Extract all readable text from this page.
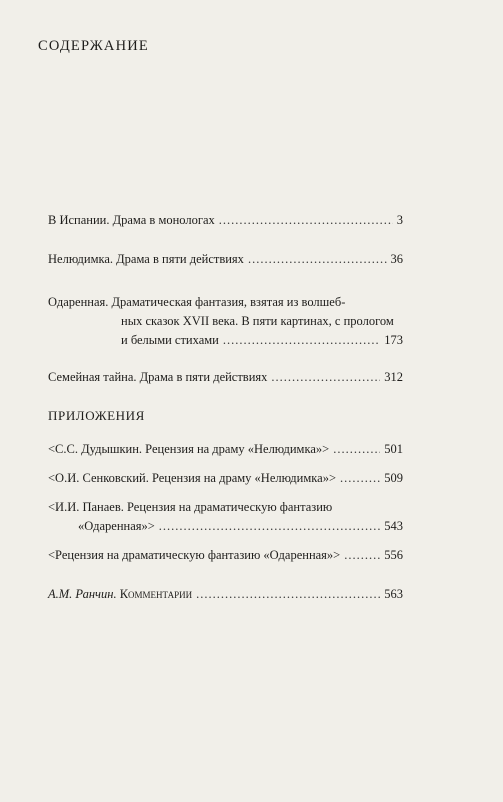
СОДЕРЖАНИЕ
В Испании. Драма в монологах .....	3
Нелюдимка. Драма в пяти действиях .....	36
Одаренная. Драматическая фантазия, взятая из волшеб-
ных сказок XVII века. В пяти картинах, с прологом
и белыми стихами .....	173
Семейная тайна. Драма в пяти действиях .....	312
ПРИЛОЖЕНИЯ
<С.С. Дудышкин. Рецензия на драму «Нелюдимка»> .....	501
<О.И. Сенковский. Рецензия на драму «Нелюдимка»> .....	509
<И.И. Панаев. Рецензия на драматическую фантазию
«Одаренная»> .....	543
<Рецензия на драматическую фантазию «Одаренная»> .....	556
А.М. Ранчин. Комментарии .....	563
